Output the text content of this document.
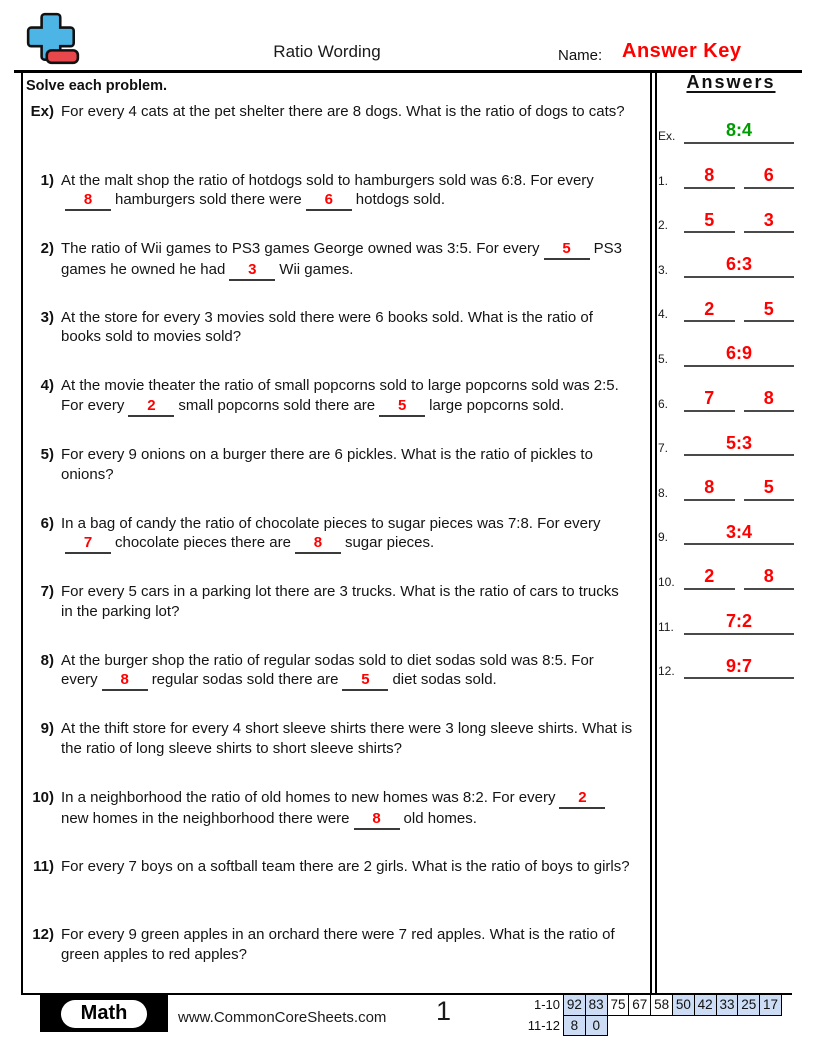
Ratio Wording	Name: Answer Key
Solve each problem.	Answers
Ex.	8:4
1.	8	6
2.	5	3
3.	6:3
4.	2	5
5.	6:9
6.	7	8
7.	5:3
8.	8	5
9.	3:4
10.	2	8
11.	7:2
12.	9:7
Ex) For every 4 cats at the pet shelter there are 8 dogs. What is the ratio of dogs to cats?
1) At the malt shop the ratio of hotdogs sold to hamburgers sold was 6:8. For every8 hamburgers sold there were 6 hotdogs sold.
2) The ratio of Wii games to PS3 games George owned was 3:5. For every 5 PS3 games he owned he had 3 Wii games.
3) At the store for every 3 movies sold there were 6 books sold. What is the ratio of books sold to movies sold?
4) At the movie theater the ratio of small popcorns sold to large popcorns sold was 2:5. For every 2 small popcorns sold there are 5 large popcorns sold.
5) For every 9 onions on a burger there are 6 pickles. What is the ratio of pickles to onions?
6) In a bag of candy the ratio of chocolate pieces to sugar pieces was 7:8. For every7 chocolate pieces there are 8 sugar pieces.
7) For every 5 cars in a parking lot there are 3 trucks. What is the ratio of cars to trucks in the parking lot?
8) At the burger shop the ratio of regular sodas sold to diet sodas sold was 8:5. For every 8 regular sodas sold there are 5 diet sodas sold.
9) At the thift store for every 4 short sleeve shirts there were 3 long sleeve shirts. What is the ratio of long sleeve shirts to short sleeve shirts?
10) In a neighborhood the ratio of old homes to new homes was 8:2. For every 2new homes in the neighborhood there were 8 old homes.
11) For every 7 boys on a softball team there are 2 girls. What is the ratio of boys to girls?
12) For every 9 green apples in an orchard there were 7 red apples. What is the ratio of green apples to red apples?
Math	www.CommonCoreSheets.com 1	1-10 92 83 75 67 58 50 42 33 25 17
11-12 8	0
